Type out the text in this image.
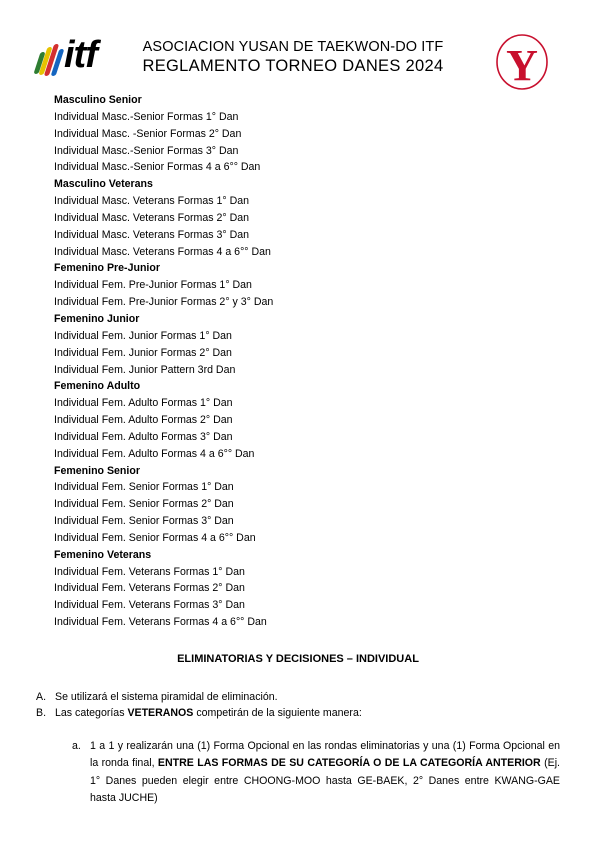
itf	ASOCIACION YUSAN DE TAEKWON-DO ITF
REGLAMENTO TORNEO DANES 2024	Y
Masculino Senior
Individual Masc.-Senior Formas 1° Dan
Individual Masc. -Senior Formas 2° Dan
Individual Masc.-Senior Formas 3° Dan
Individual Masc.-Senior Formas 4 a 6°° Dan
Masculino Veterans
Individual Masc. Veterans Formas 1° Dan
Individual Masc. Veterans Formas 2° Dan
Individual Masc. Veterans Formas 3° Dan
Individual Masc. Veterans Formas 4 a 6°° Dan
Femenino Pre-Junior
Individual Fem. Pre-Junior Formas 1° Dan
Individual Fem. Pre-Junior Formas 2° y 3° Dan
Femenino Junior
Individual Fem. Junior Formas 1° Dan
Individual Fem. Junior Formas 2° Dan
Individual Fem. Junior Pattern 3rd Dan
Femenino Adulto
Individual Fem. Adulto Formas 1° Dan
Individual Fem. Adulto Formas 2° Dan
Individual Fem. Adulto Formas 3° Dan
Individual Fem. Adulto Formas 4 a 6°° Dan
Femenino Senior
Individual Fem. Senior Formas 1° Dan
Individual Fem. Senior Formas 2° Dan
Individual Fem. Senior Formas 3° Dan
Individual Fem. Senior Formas 4 a 6°° Dan
Femenino Veterans
Individual Fem. Veterans Formas 1° Dan
Individual Fem. Veterans Formas 2° Dan
Individual Fem. Veterans Formas 3° Dan
Individual Fem. Veterans Formas 4 a 6°° Dan
ELIMINATORIAS Y DECISIONES – INDIVIDUAL
A. Se utilizará el sistema piramidal de eliminación.
B. Las categorías VETERANOS competirán de la siguiente manera:
a. 1 a 1 y realizarán una (1) Forma Opcional en las rondas eliminatorias y una (1) Forma Opcional en la ronda final, ENTRE LAS FORMAS DE SU CATEGORÍA O DE LA CATEGORÍA ANTERIOR (Ej. 1° Danes pueden elegir entre CHOONG-MOO hasta GE-BAEK, 2° Danes entre KWANG-GAE hasta JUCHE)
